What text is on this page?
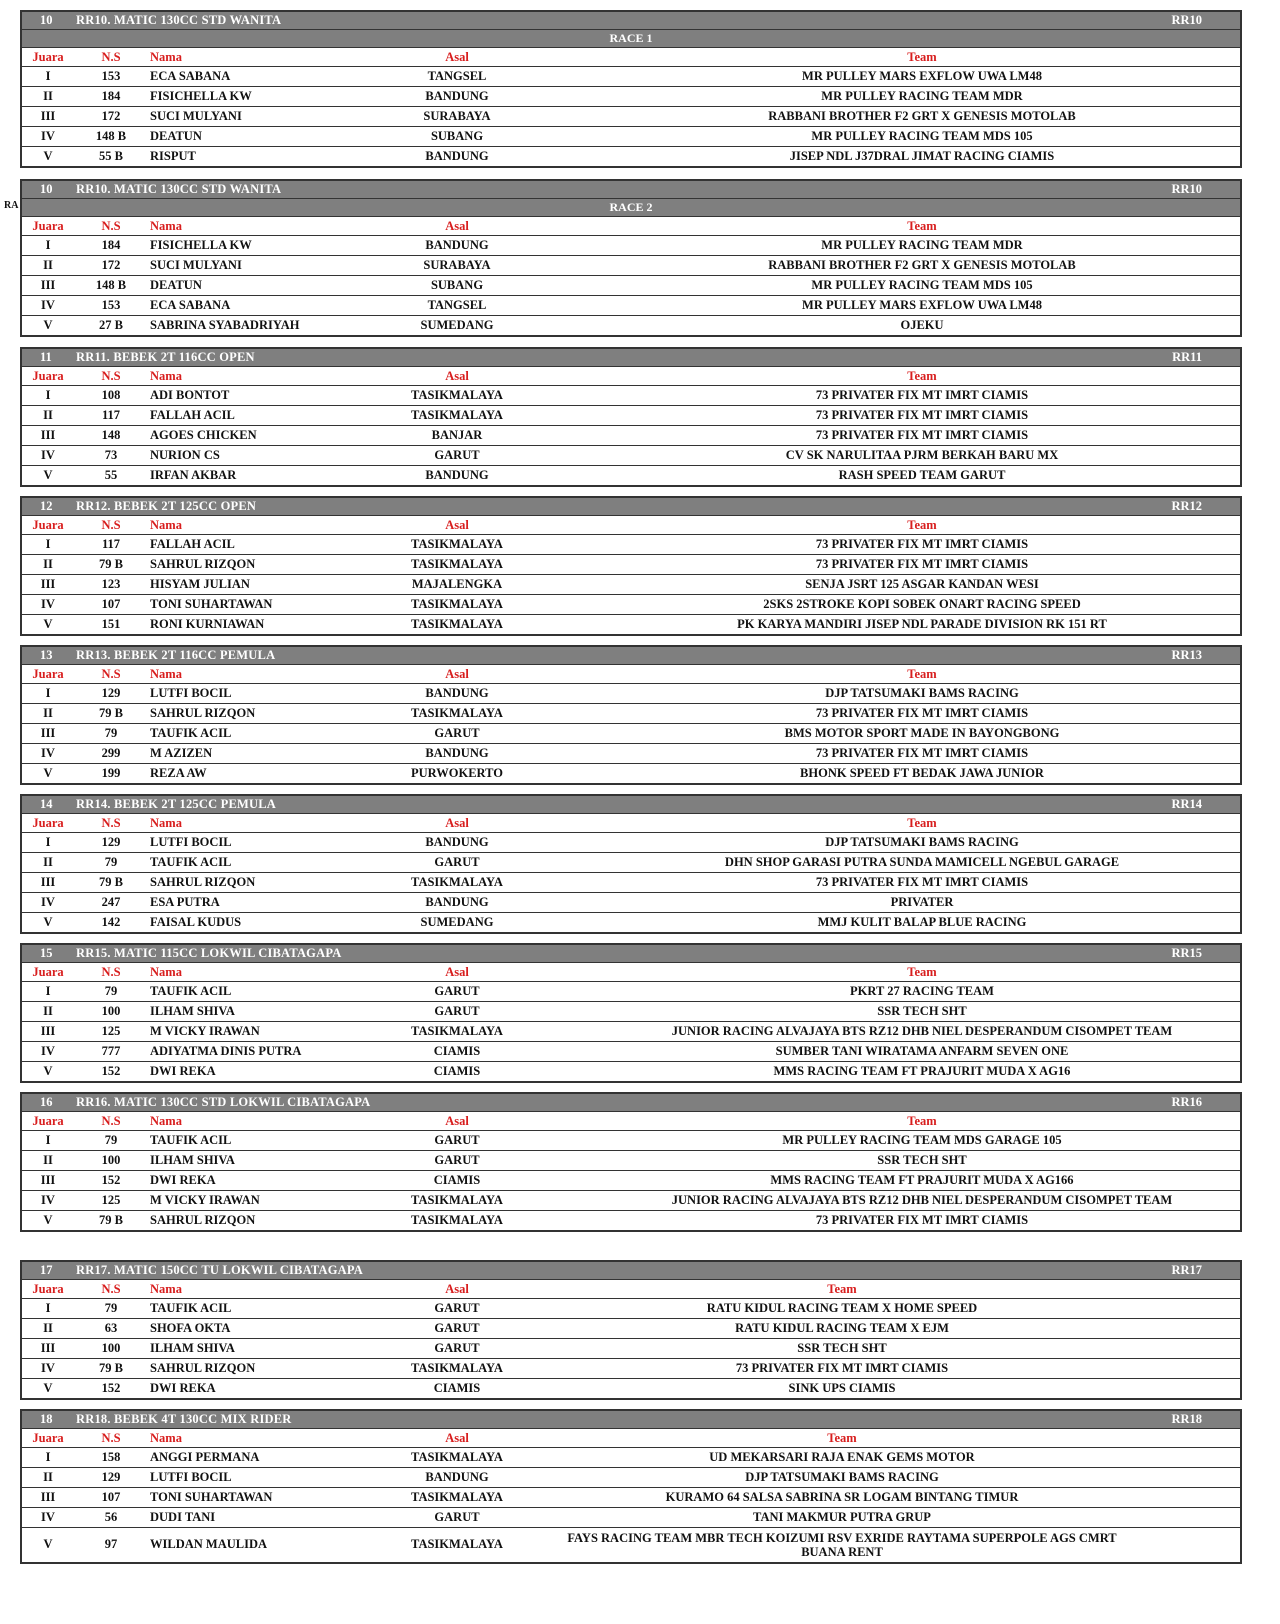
RA
10 RR10. MATIC 130CC STD WANITA	RR10
RACE 1
Juara	N.S	Nama	Asal	Team
I	153	ECA SABANA	TANGSEL	MR PULLEY MARS EXFLOW UWA LM48
II	184	FISICHELLA KW	BANDUNG	MR PULLEY RACING TEAM MDR
III	172	SUCI MULYANI	SURABAYA	RABBANI BROTHER F2 GRT X GENESIS MOTOLAB
IV	148 B	DEATUN	SUBANG	MR PULLEY RACING TEAM MDS 105
V	55 B	RISPUT	BANDUNG	JISEP NDL J37DRAL JIMAT RACING CIAMIS
10 RR10. MATIC 130CC STD WANITA	RR10
RACE 2
Juara	N.S	Nama	Asal	Team
I	184	FISICHELLA KW	BANDUNG	MR PULLEY RACING TEAM MDR
II	172	SUCI MULYANI	SURABAYA	RABBANI BROTHER F2 GRT X GENESIS MOTOLAB
III	148 B	DEATUN	SUBANG	MR PULLEY RACING TEAM MDS 105
IV	153	ECA SABANA	TANGSEL	MR PULLEY MARS EXFLOW UWA LM48
V	27 B	SABRINA SYABADRIYAH	SUMEDANG	OJEKU
11 RR11. BEBEK 2T 116CC OPEN	RR11
Juara	N.S	Nama	Asal	Team
I	108	ADI BONTOT	TASIKMALAYA	73 PRIVATER FIX MT IMRT CIAMIS
II	117	FALLAH ACIL	TASIKMALAYA	73 PRIVATER FIX MT IMRT CIAMIS
III	148	AGOES CHICKEN	BANJAR	73 PRIVATER FIX MT IMRT CIAMIS
IV	73	NURION CS	GARUT	CV SK NARULITAA PJRM BERKAH BARU MX
V	55	IRFAN AKBAR	BANDUNG	RASH SPEED TEAM GARUT
12 RR12. BEBEK 2T 125CC OPEN	RR12
Juara	N.S	Nama	Asal	Team
I	117	FALLAH ACIL	TASIKMALAYA	73 PRIVATER FIX MT IMRT CIAMIS
II	79 B	SAHRUL RIZQON	TASIKMALAYA	73 PRIVATER FIX MT IMRT CIAMIS
III	123	HISYAM JULIAN	MAJALENGKA	SENJA JSRT 125 ASGAR KANDAN WESI
IV	107	TONI SUHARTAWAN	TASIKMALAYA	2SKS 2STROKE KOPI SOBEK ONART RACING SPEED
V	151	RONI KURNIAWAN	TASIKMALAYA	PK KARYA MANDIRI JISEP NDL PARADE DIVISION RK 151 RT
13 RR13. BEBEK 2T 116CC PEMULA	RR13
Juara	N.S	Nama	Asal	Team
I	129	LUTFI BOCIL	BANDUNG	DJP TATSUMAKI BAMS RACING
II	79 B	SAHRUL RIZQON	TASIKMALAYA	73 PRIVATER FIX MT IMRT CIAMIS
III	79	TAUFIK ACIL	GARUT	BMS MOTOR SPORT MADE IN BAYONGBONG
IV	299	M AZIZEN	BANDUNG	73 PRIVATER FIX MT IMRT CIAMIS
V	199	REZA AW	PURWOKERTO	BHONK SPEED FT BEDAK JAWA JUNIOR
14 RR14. BEBEK 2T 125CC PEMULA	RR14
Juara	N.S	Nama	Asal	Team
I	129	LUTFI BOCIL	BANDUNG	DJP TATSUMAKI BAMS RACING
II	79	TAUFIK ACIL	GARUT	DHN SHOP GARASI PUTRA SUNDA MAMICELL NGEBUL GARAGE
III	79 B	SAHRUL RIZQON	TASIKMALAYA	73 PRIVATER FIX MT IMRT CIAMIS
IV	247	ESA PUTRA	BANDUNG	PRIVATER
V	142	FAISAL KUDUS	SUMEDANG	MMJ KULIT BALAP BLUE RACING
15 RR15. MATIC 115CC LOKWIL CIBATAGAPA	RR15
Juara	N.S	Nama	Asal	Team
I	79	TAUFIK ACIL	GARUT	PKRT 27 RACING TEAM
II	100	ILHAM SHIVA	GARUT	SSR TECH SHT
III	125	M VICKY IRAWAN	TASIKMALAYA	JUNIOR RACING ALVAJAYA BTS RZ12 DHB NIEL DESPERANDUM CISOMPET TEAM
IV	777	ADIYATMA DINIS PUTRA	CIAMIS	SUMBER TANI WIRATAMA ANFARM SEVEN ONE
V	152	DWI REKA	CIAMIS	MMS RACING TEAM FT PRAJURIT MUDA X AG16
16 RR16. MATIC 130CC STD LOKWIL CIBATAGAPA	RR16
Juara	N.S	Nama	Asal	Team
I	79	TAUFIK ACIL	GARUT	MR PULLEY RACING TEAM MDS GARAGE 105
II	100	ILHAM SHIVA	GARUT	SSR TECH SHT
III	152	DWI REKA	CIAMIS	MMS RACING TEAM FT PRAJURIT MUDA X AG166
IV	125	M VICKY IRAWAN	TASIKMALAYA	JUNIOR RACING ALVAJAYA BTS RZ12 DHB NIEL DESPERANDUM CISOMPET TEAM
V	79 B	SAHRUL RIZQON	TASIKMALAYA	73 PRIVATER FIX MT IMRT CIAMIS
17 RR17. MATIC 150CC TU LOKWIL CIBATAGAPA	RR17
Juara	N.S	Nama	Asal	Team
I	79	TAUFIK ACIL	GARUT	RATU KIDUL RACING TEAM X HOME SPEED
II	63	SHOFA OKTA	GARUT	RATU KIDUL RACING TEAM X EJM
III	100	ILHAM SHIVA	GARUT	SSR TECH SHT
IV	79 B	SAHRUL RIZQON	TASIKMALAYA	73 PRIVATER FIX MT IMRT CIAMIS
V	152	DWI REKA	CIAMIS	SINK UPS CIAMIS
18 RR18. BEBEK 4T 130CC MIX RIDER	RR18
Juara	N.S	Nama	Asal	Team
I	158	ANGGI PERMANA	TASIKMALAYA	UD MEKARSARI RAJA ENAK GEMS MOTOR
II	129	LUTFI BOCIL	BANDUNG	DJP TATSUMAKI BAMS RACING
III	107	TONI SUHARTAWAN	TASIKMALAYA	KURAMO 64 SALSA SABRINA SR LOGAM BINTANG TIMUR
IV	56	DUDI TANI	GARUT	TANI MAKMUR PUTRA GRUP
V	97	WILDAN MAULIDA	TASIKMALAYA	FAYS RACING TEAM MBR TECH KOIZUMI RSV EXRIDE RAYTAMA SUPERPOLE AGS CMRT BUANA RENT
